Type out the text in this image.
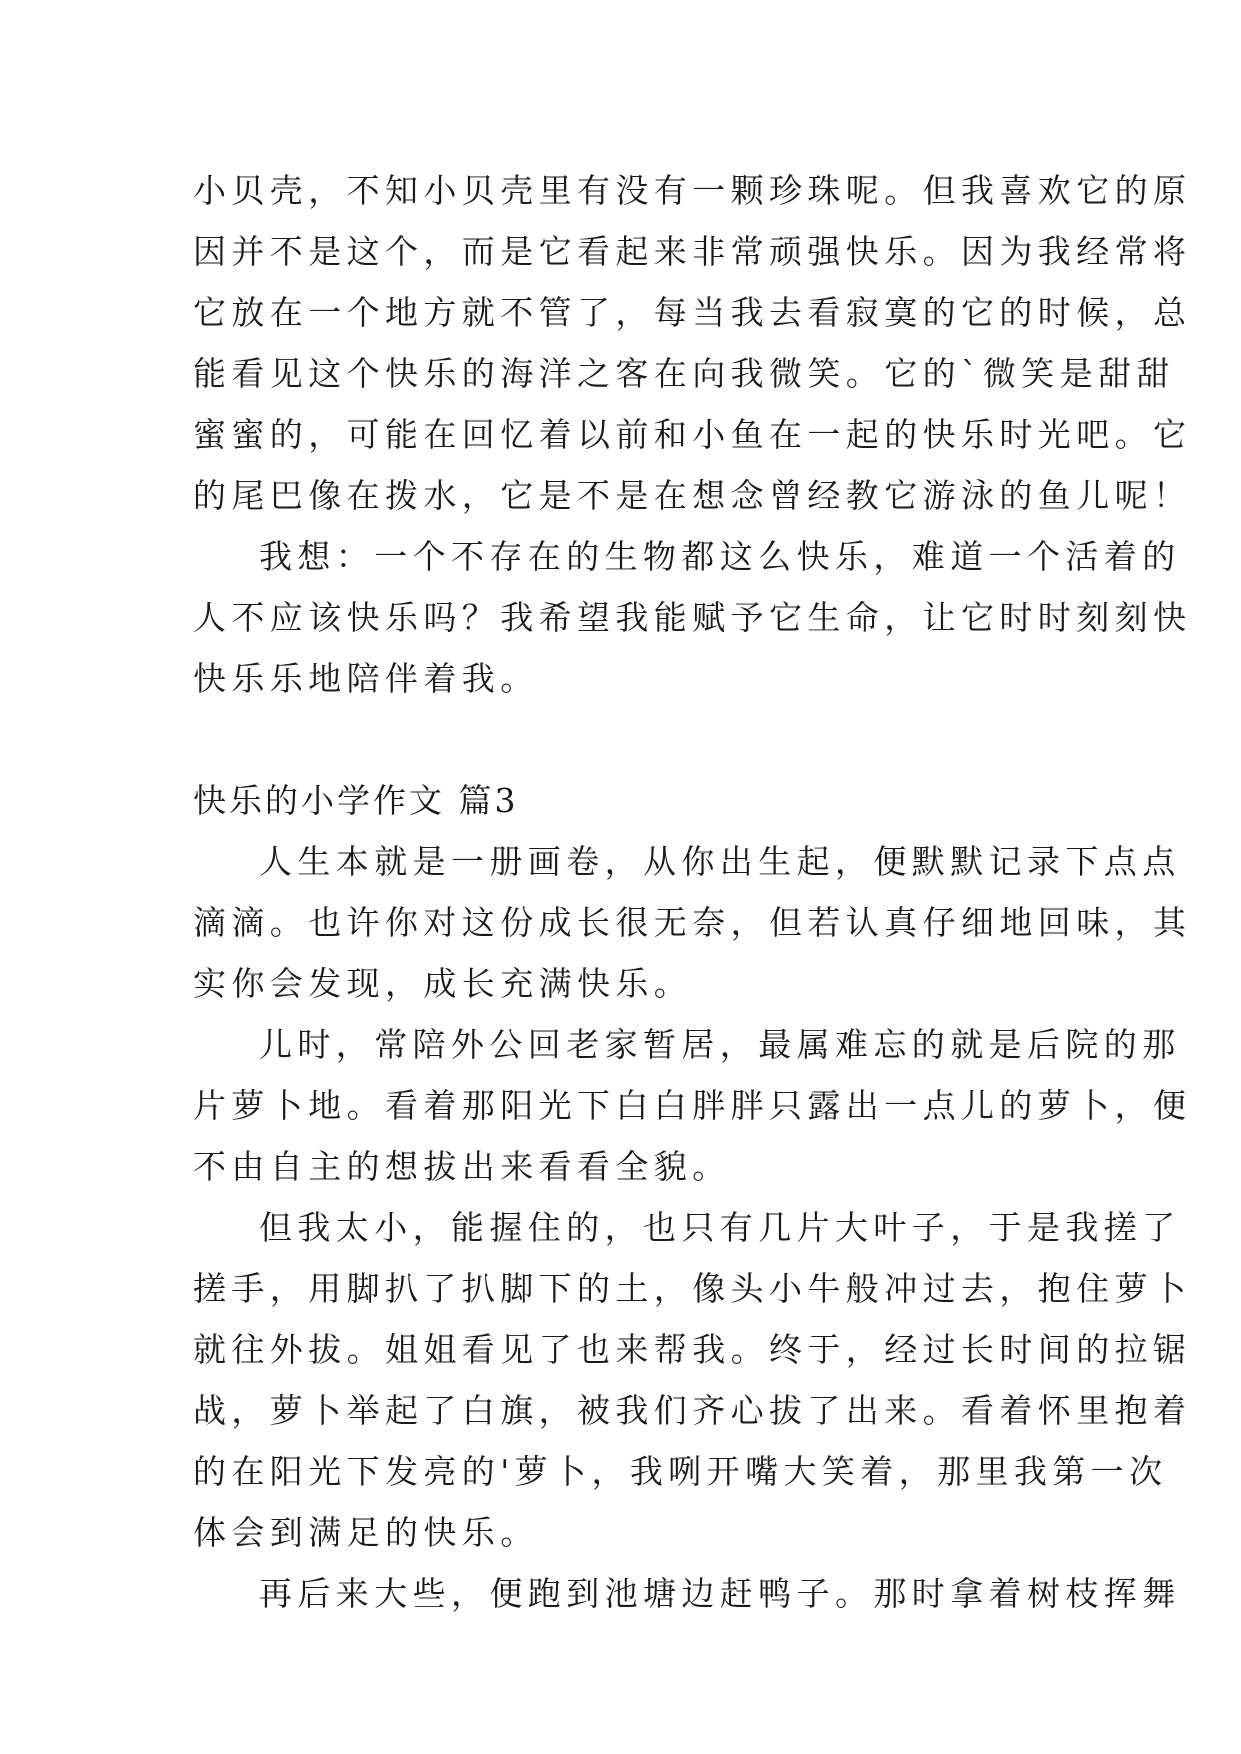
小贝壳，不知小贝壳里有没有一颗珍珠呢。但我喜欢它的原
因并不是这个，而是它看起来非常顽强快乐。因为我经常将
它放在一个地方就不管了，每当我去看寂寞的它的时候，总
能看见这个快乐的海洋之客在向我微笑。它的`微笑是甜甜
蜜蜜的，可能在回忆着以前和小鱼在一起的快乐时光吧。它
的尾巴像在拨水，它是不是在想念曾经教它游泳的鱼儿呢！
我想：一个不存在的生物都这么快乐，难道一个活着的
人不应该快乐吗？我希望我能赋予它生命，让它时时刻刻快
快乐乐地陪伴着我。
快乐的小学作文 篇3
人生本就是一册画卷，从你出生起，便默默记录下点点
滴滴。也许你对这份成长很无奈，但若认真仔细地回味，其
实你会发现，成长充满快乐。
儿时，常陪外公回老家暂居，最属难忘的就是后院的那
片萝卜地。看着那阳光下白白胖胖只露出一点儿的萝卜，便
不由自主的想拔出来看看全貌。
但我太小，能握住的，也只有几片大叶子，于是我搓了
搓手，用脚扒了扒脚下的土，像头小牛般冲过去，抱住萝卜
就往外拔。姐姐看见了也来帮我。终于，经过长时间的拉锯
战，萝卜举起了白旗，被我们齐心拔了出来。看着怀里抱着
的在阳光下发亮的'萝卜，我咧开嘴大笑着，那里我第一次
体会到满足的快乐。
再后来大些，便跑到池塘边赶鸭子。那时拿着树枝挥舞
